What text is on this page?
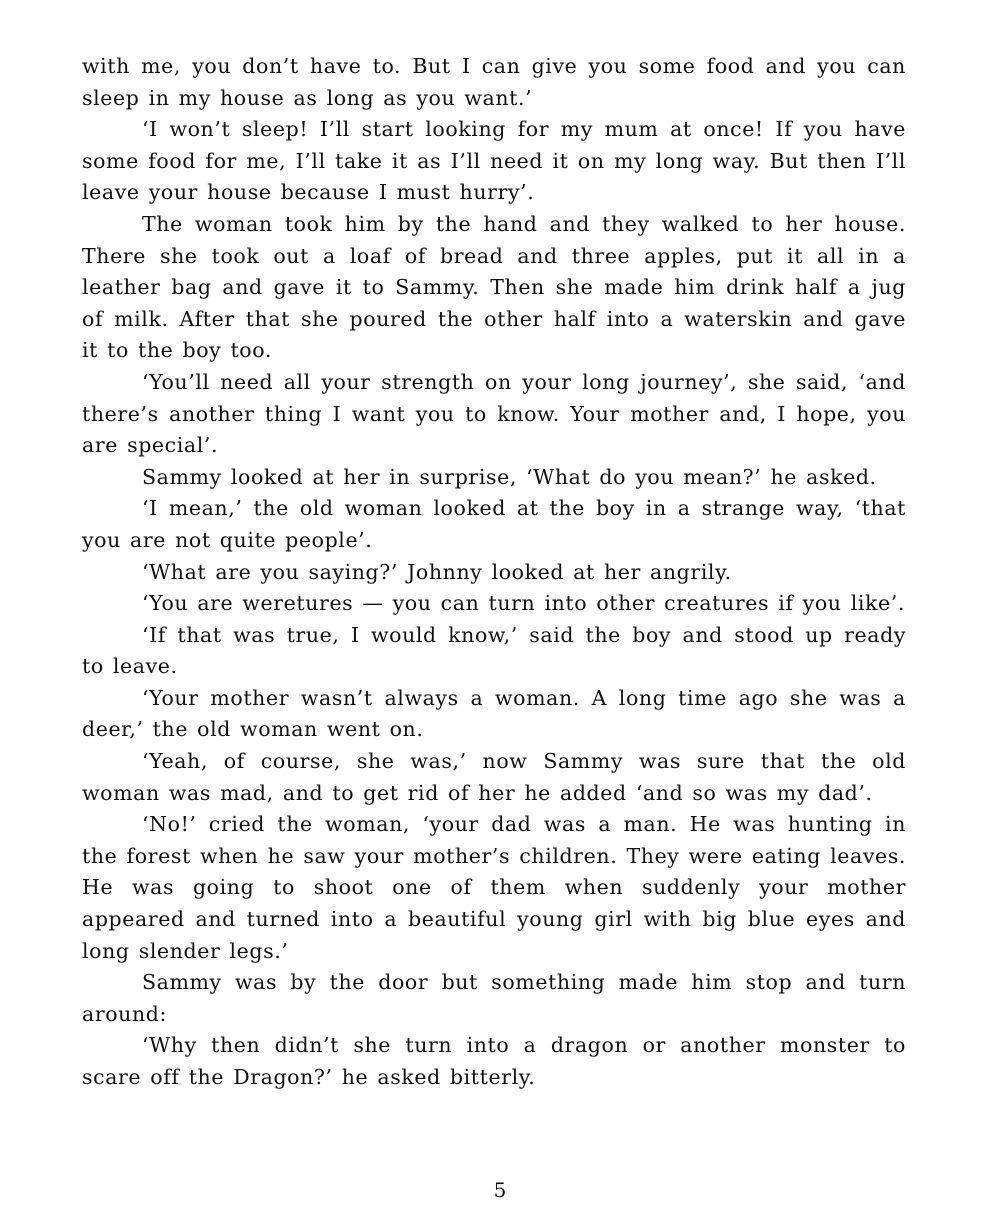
with me, you don’t have to. But I can give you some food and you can sleep in my house as long as you want.’

‘I won’t sleep! I’ll start looking for my mum at once! If you have some food for me, I’ll take it as I’ll need it on my long way. But then I’ll leave your house because I must hurry’.

The woman took him by the hand and they walked to her house. There she took out a loaf of bread and three apples, put it all in a leather bag and gave it to Sammy. Then she made him drink half a jug of milk. After that she poured the other half into a waterskin and gave it to the boy too.

‘You’ll need all your strength on your long journey’, she said, ‘and there’s another thing I want you to know. Your mother and, I hope, you are special’.

Sammy looked at her in surprise, ‘What do you mean?’ he asked.

‘I mean,’ the old woman looked at the boy in a strange way, ‘that you are not quite people’.

‘What are you saying?’ Johnny looked at her angrily.

‘You are weretures — you can turn into other creatures if you like’.

‘If that was true, I would know,’ said the boy and stood up ready to leave.

‘Your mother wasn’t always a woman. A long time ago she was a deer,’ the old woman went on.

‘Yeah, of course, she was,’ now Sammy was sure that the old woman was mad, and to get rid of her he added ‘and so was my dad’.

‘No!’ cried the woman, ‘your dad was a man. He was hunting in the forest when he saw your mother’s children. They were eating leaves. He was going to shoot one of them when suddenly your mother appeared and turned into a beautiful young girl with big blue eyes and long slender legs.’

Sammy was by the door but something made him stop and turn around:

‘Why then didn’t she turn into a dragon or another monster to scare off the Dragon?’ he asked bitterly.

5
